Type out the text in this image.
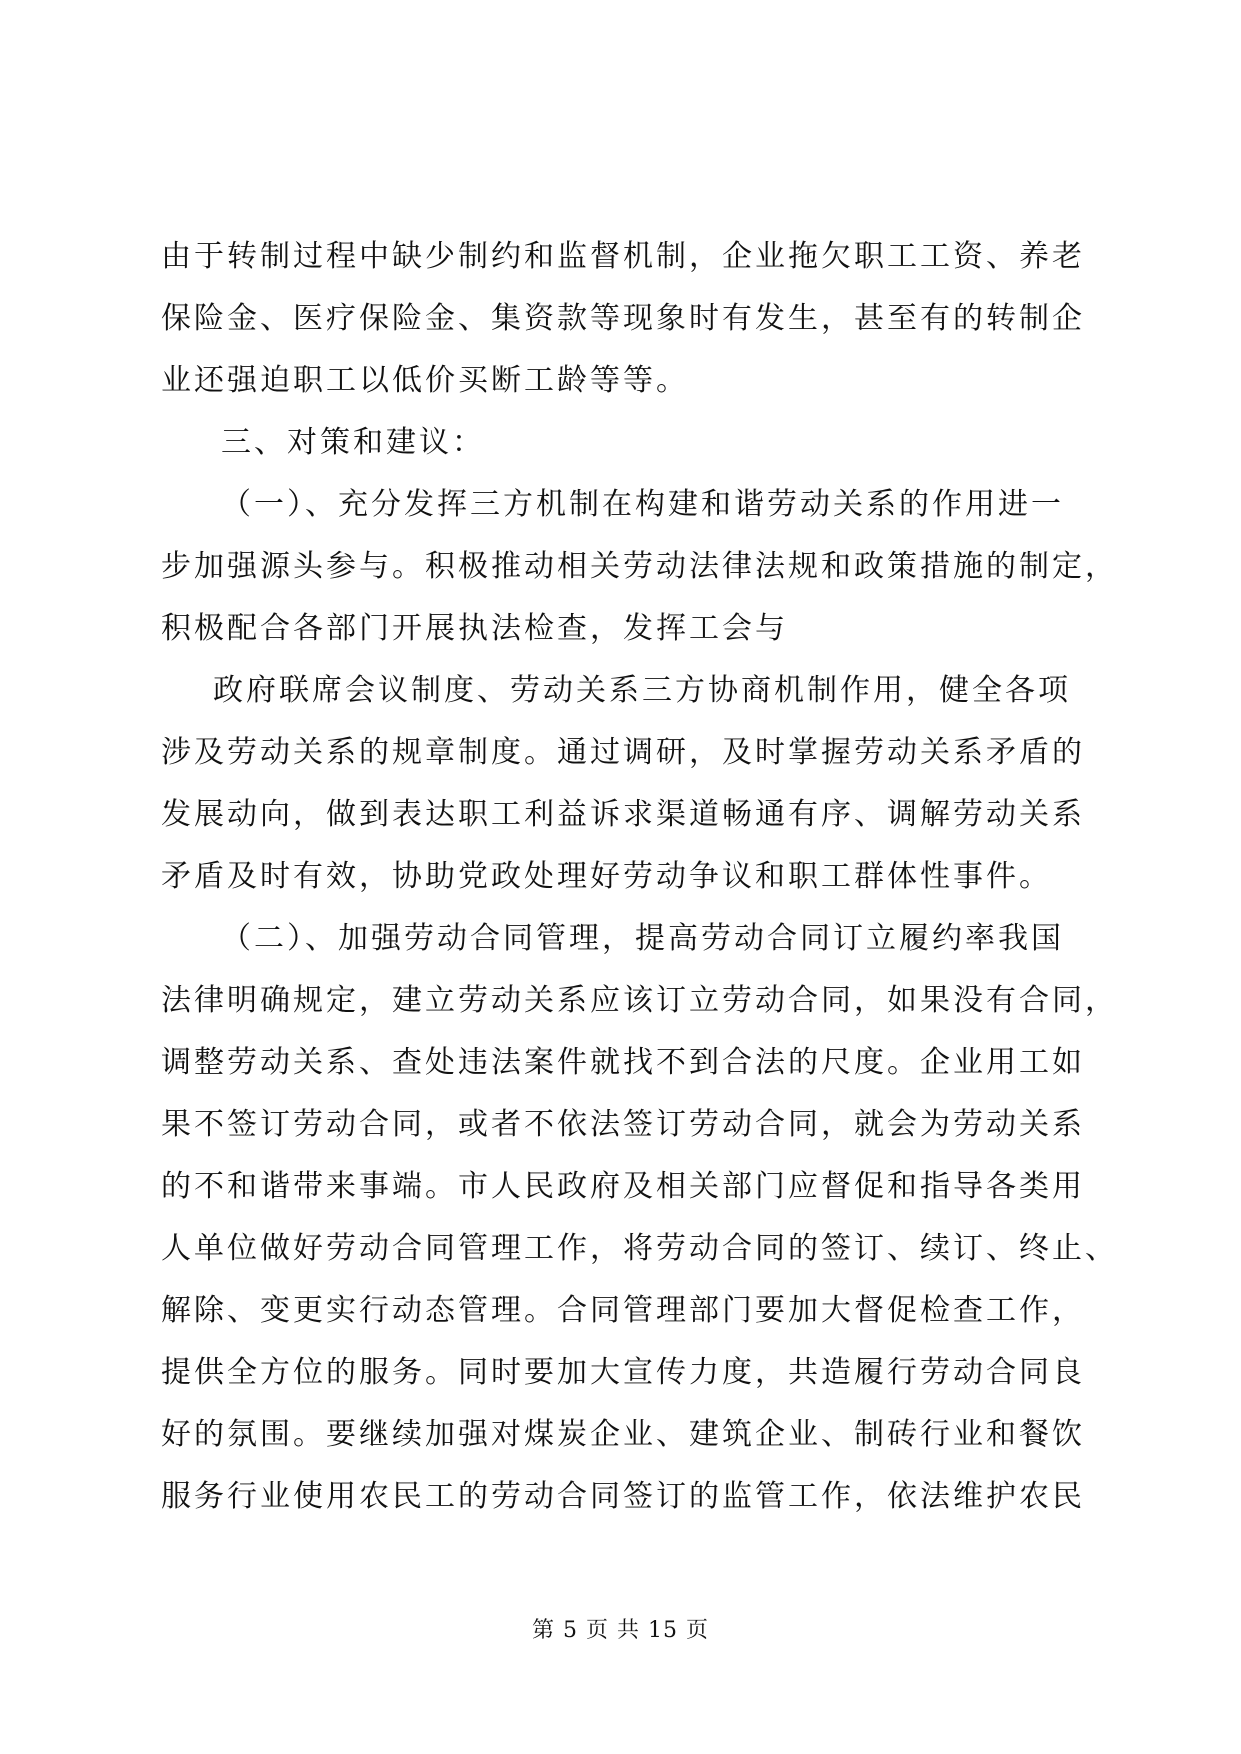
由于转制过程中缺少制约和监督机制，企业拖欠职工工资、养老
保险金、医疗保险金、集资款等现象时有发生，甚至有的转制企
业还强迫职工以低价买断工龄等等。
三、对策和建议：
（一）、充分发挥三方机制在构建和谐劳动关系的作用进一
步加强源头参与。积极推动相关劳动法律法规和政策措施的制定，
积极配合各部门开展执法检查，发挥工会与
政府联席会议制度、劳动关系三方协商机制作用，健全各项
涉及劳动关系的规章制度。通过调研，及时掌握劳动关系矛盾的
发展动向，做到表达职工利益诉求渠道畅通有序、调解劳动关系
矛盾及时有效，协助党政处理好劳动争议和职工群体性事件。
（二）、加强劳动合同管理，提高劳动合同订立履约率我国
法律明确规定，建立劳动关系应该订立劳动合同，如果没有合同，
调整劳动关系、查处违法案件就找不到合法的尺度。企业用工如
果不签订劳动合同，或者不依法签订劳动合同，就会为劳动关系
的不和谐带来事端。市人民政府及相关部门应督促和指导各类用
人单位做好劳动合同管理工作，将劳动合同的签订、续订、终止、
解除、变更实行动态管理。合同管理部门要加大督促检查工作，
提供全方位的服务。同时要加大宣传力度，共造履行劳动合同良
好的氛围。要继续加强对煤炭企业、建筑企业、制砖行业和餐饮
服务行业使用农民工的劳动合同签订的监管工作，依法维护农民
第 5 页 共 15 页
